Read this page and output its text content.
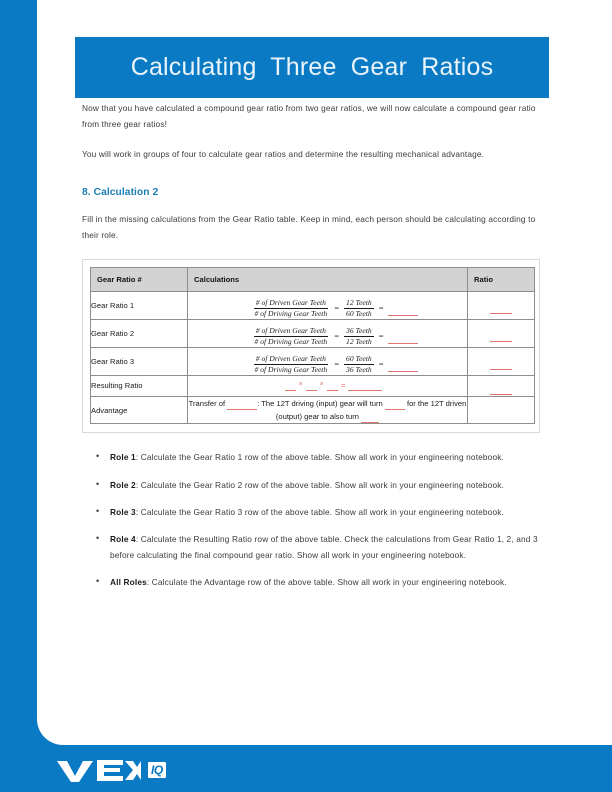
Calculating Three Gear Ratios

Now that you have calculated a compound gear ratio from two gear ratios, we will now calculate a compound gear ratio from three gear ratios!

You will work in groups of four to calculate gear ratios and determine the resulting mechanical advantage.

8. Calculation 2

Fill in the missing calculations from the Gear Ratio table. Keep in mind, each person should be calculating according to their role.

Gear Ratio #	Calculations	Ratio
Gear Ratio 1	$\frac{\text{\# of Driven Gear Teeth}}{\text{\# of Driving Gear Teeth}} = \frac{\text{12 Teeth}}{\text{60 Teeth}}$ =

Gear Ratio 2	$\frac{\text{\# of Driven Gear Teeth}}{\text{\# of Driving Gear Teeth}} = \frac{\text{36 Teeth}}{\text{12 Teeth}}$ =

Gear Ratio 3	$\frac{\text{\# of Driven Gear Teeth}}{\text{\# of Driving Gear Teeth}} = \frac{\text{60 Teeth}}{\text{36 Teeth}}$ =

Resulting Ratio	× × =	

Advantage	Transfer of : The 12T driving (input) gear will turn for the 12T driven (output) gear to also turn	
• Role 1: Calculate the Gear Ratio 1 row of the above table. Show all work in your engineering notebook.
• Role 2: Calculate the Gear Ratio 2 row of the above table. Show all work in your engineering notebook.
• Role 3: Calculate the Gear Ratio 3 row of the above table. Show all work in your engineering notebook.
• Role 4: Calculate the Resulting Ratio row of the above table. Check the calculations from Gear Ratio 1, 2, and 3 before calculating the final compound gear ratio. Show all work in your engineering notebook.
• All Roles: Calculate the Advantage row of the above table. Show all work in your engineering notebook.
IQ
